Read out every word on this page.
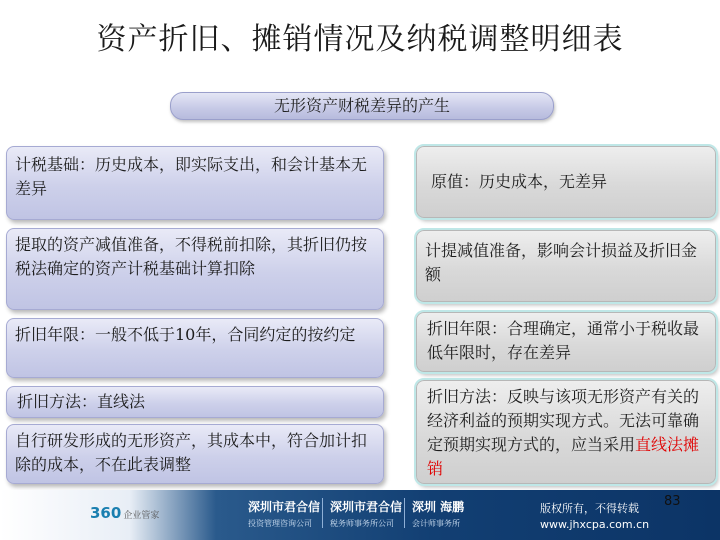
资产折旧、摊销情况及纳税调整明细表
无形资产财税差异的产生
计税基础：历史成本，即实际支出，和会计基本无差异
提取的资产减值准备，不得税前扣除，其折旧仍按税法确定的资产计税基础计算扣除
折旧年限：一般不低于10年，合同约定的按约定
折旧方法：直线法
自行研发形成的无形资产，其成本中，符合加计扣除的成本，不在此表调整
原值：历史成本，无差异
计提减值准备，影响会计损益及折旧金额
折旧年限：合理确定，通常小于税收最低年限时，存在差异
折旧方法：反映与该项无形资产有关的经济利益的预期实现方式。无法可靠确定预期实现方式的，应当采用直线法摊销
360 企业管家
深圳市君合信
投资管理咨询公司
深圳市君合信
税务师事务所公司
深圳 海鹏
会计师事务所
版权所有，不得转载
www.jhxcpa.com.cn
83
